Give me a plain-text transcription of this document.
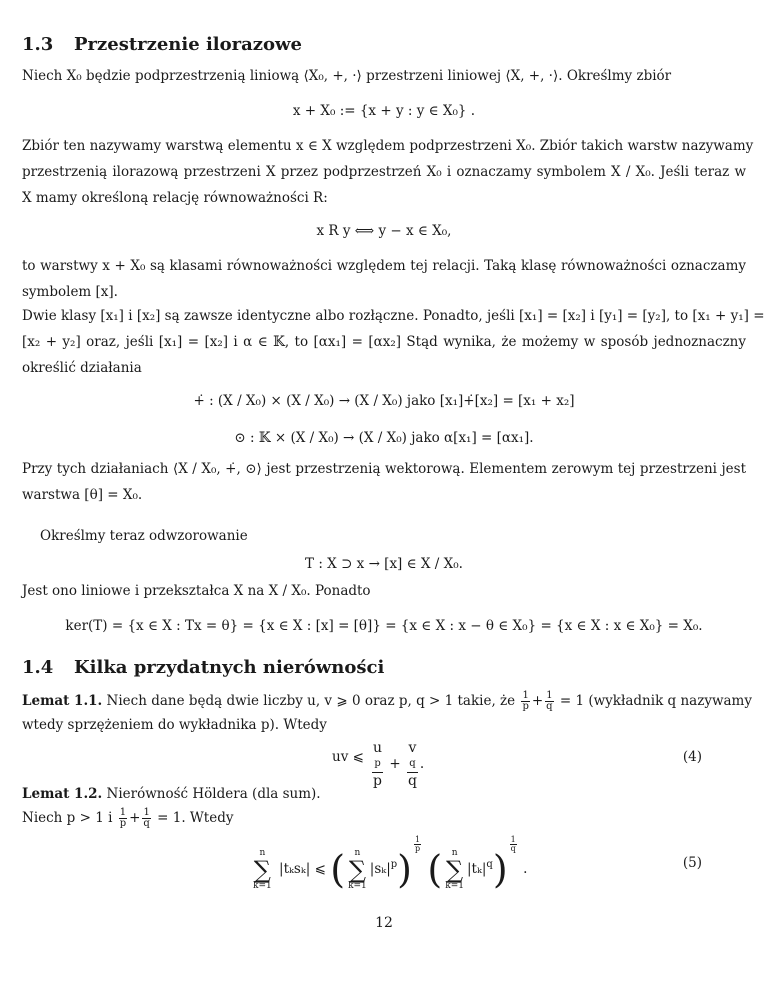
1.3 Przestrzenie ilorazowe
Niech X₀ będzie podprzestrzenią liniową ⟨X₀, +, ·⟩ przestrzeni liniowej ⟨X, +, ·⟩. Określmy zbiór
x + X₀ := {x + y : y ∈ X₀} .
Zbiór ten nazywamy warstwą elementu x ∈ X względem podprzestrzeni X₀. Zbiór takich warstw nazywamy
przestrzenią ilorazową przestrzeni X przez podprzestrzeń X₀ i oznaczamy symbolem X / X₀. Jeśli teraz w
X mamy określoną relację równoważności R:
x R y ⟺ y − x ∈ X₀,
to warstwy x + X₀ są klasami równoważności względem tej relacji. Taką klasę równoważności oznaczamy
symbolem [x].
Dwie klasy [x₁] i [x₂] są zawsze identyczne albo rozłączne. Ponadto, jeśli [x₁] = [x₂] i [y₁] = [y₂], to [x₁ + y₁] =
[x₂ + y₂] oraz, jeśli [x₁] = [x₂] i α ∈ 𝕂, to [αx₁] = [αx₂] Stąd wynika, że możemy w sposób jednoznaczny
określić działania
+̇ : (X / X₀) × (X / X₀) → (X / X₀) jako [x₁]+̇[x₂] = [x₁ + x₂]
⊙ : 𝕂 × (X / X₀) → (X / X₀) jako α[x₁] = [αx₁].
Przy tych działaniach ⟨X / X₀, +̇, ⊙⟩ jest przestrzenią wektorową. Elementem zerowym tej przestrzeni jest
warstwa [θ] = X₀.
Określmy teraz odwzorowanie
T : X ⊃ x → [x] ∈ X / X₀.
Jest ono liniowe i przekształca X na X / X₀. Ponadto
ker(T) = {x ∈ X : Tx = θ} = {x ∈ X : [x] = [θ]} = {x ∈ X : x − θ ∈ X₀} = {x ∈ X : x ∈ X₀} = X₀.
1.4 Kilka przydatnych nierówności
Lemat 1.1. Niech dane będą dwie liczby u, v ⩾ 0 oraz p, q > 1 takie, że $\frac{1}{p} + \frac{1}{q} = 1$ (wykładnik q nazywamy
wtedy sprzężeniem do wykładnika p). Wtedy
uv ⩽ u
p
p + v
q
q .	(4)
Lemat 1.2. Nierówność Höldera (dla sum).
Niech p > 1 i $\frac{1}{p} + \frac{1}{q} = 1$. Wtedy
n
∑
k=1
|tₖsₖ| ⩽ (	n
∑
k=1
$|s_k|^p$)
$\frac{1}{p}$
(	n
∑
k=1
$|t_k|^q$)
$\frac{1}{q}$
.	(5)
12
